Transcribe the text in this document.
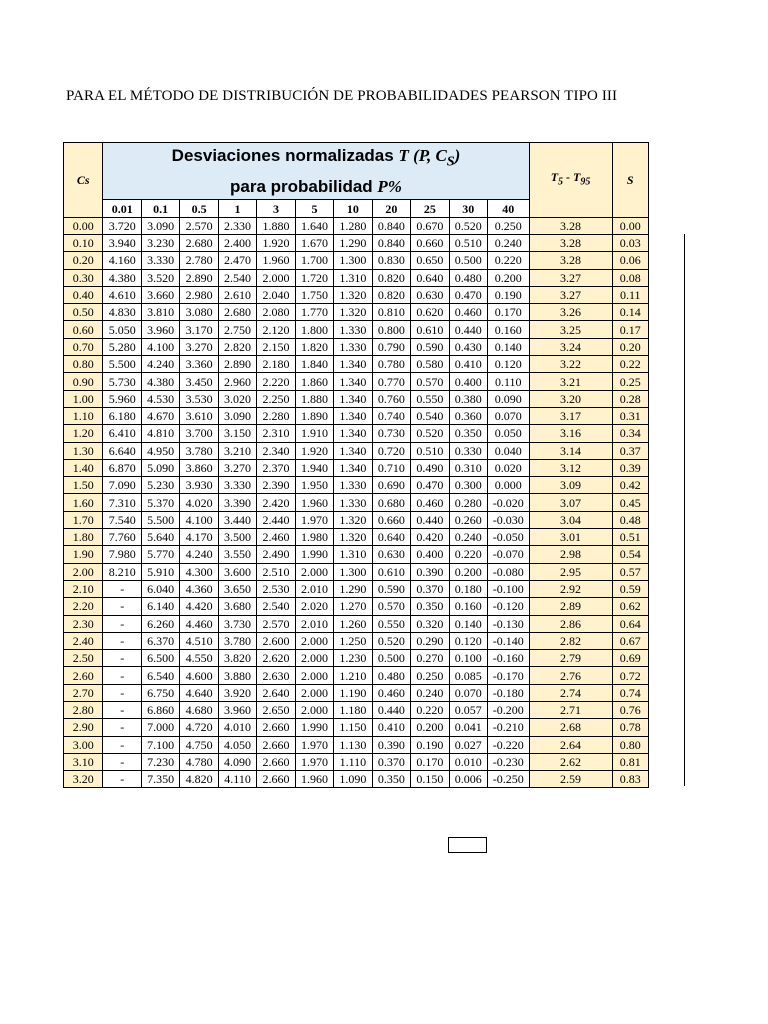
PARA EL MÉTODO DE DISTRIBUCIÓN DE PROBABILIDADES PEARSON TIPO III
Cs	Desviaciones normalizadas T (P, $C_S$)
para probabilidad P%											$T_5 - T_{95}$	S
	0.01	0.1	0.5	1	3	5	10	20	25	30	40		
0.00	3.720	3.090	2.570	2.330	1.880	1.640	1.280	0.840	0.670	0.520	0.250	3.28	0.00
0.10	3.940	3.230	2.680	2.400	1.920	1.670	1.290	0.840	0.660	0.510	0.240	3.28	0.03
0.20	4.160	3.330	2.780	2.470	1.960	1.700	1.300	0.830	0.650	0.500	0.220	3.28	0.06
0.30	4.380	3.520	2.890	2.540	2.000	1.720	1.310	0.820	0.640	0.480	0.200	3.27	0.08
0.40	4.610	3.660	2.980	2.610	2.040	1.750	1.320	0.820	0.630	0.470	0.190	3.27	0.11
0.50	4.830	3.810	3.080	2.680	2.080	1.770	1.320	0.810	0.620	0.460	0.170	3.26	0.14
0.60	5.050	3.960	3.170	2.750	2.120	1.800	1.330	0.800	0.610	0.440	0.160	3.25	0.17
0.70	5.280	4.100	3.270	2.820	2.150	1.820	1.330	0.790	0.590	0.430	0.140	3.24	0.20
0.80	5.500	4.240	3.360	2.890	2.180	1.840	1.340	0.780	0.580	0.410	0.120	3.22	0.22
0.90	5.730	4.380	3.450	2.960	2.220	1.860	1.340	0.770	0.570	0.400	0.110	3.21	0.25
1.00	5.960	4.530	3.530	3.020	2.250	1.880	1.340	0.760	0.550	0.380	0.090	3.20	0.28
1.10	6.180	4.670	3.610	3.090	2.280	1.890	1.340	0.740	0.540	0.360	0.070	3.17	0.31
1.20	6.410	4.810	3.700	3.150	2.310	1.910	1.340	0.730	0.520	0.350	0.050	3.16	0.34
1.30	6.640	4.950	3.780	3.210	2.340	1.920	1.340	0.720	0.510	0.330	0.040	3.14	0.37
1.40	6.870	5.090	3.860	3.270	2.370	1.940	1.340	0.710	0.490	0.310	0.020	3.12	0.39
1.50	7.090	5.230	3.930	3.330	2.390	1.950	1.330	0.690	0.470	0.300	0.000	3.09	0.42
1.60	7.310	5.370	4.020	3.390	2.420	1.960	1.330	0.680	0.460	0.280	-0.020	3.07	0.45
1.70	7.540	5.500	4.100	3.440	2.440	1.970	1.320	0.660	0.440	0.260	-0.030	3.04	0.48
1.80	7.760	5.640	4.170	3.500	2.460	1.980	1.320	0.640	0.420	0.240	-0.050	3.01	0.51
1.90	7.980	5.770	4.240	3.550	2.490	1.990	1.310	0.630	0.400	0.220	-0.070	2.98	0.54
2.00	8.210	5.910	4.300	3.600	2.510	2.000	1.300	0.610	0.390	0.200	-0.080	2.95	0.57
2.10	-	6.040	4.360	3.650	2.530	2.010	1.290	0.590	0.370	0.180	-0.100	2.92	0.59
2.20	-	6.140	4.420	3.680	2.540	2.020	1.270	0.570	0.350	0.160	-0.120	2.89	0.62
2.30	-	6.260	4.460	3.730	2.570	2.010	1.260	0.550	0.320	0.140	-0.130	2.86	0.64
2.40	-	6.370	4.510	3.780	2.600	2.000	1.250	0.520	0.290	0.120	-0.140	2.82	0.67
2.50	-	6.500	4.550	3.820	2.620	2.000	1.230	0.500	0.270	0.100	-0.160	2.79	0.69
2.60	-	6.540	4.600	3.880	2.630	2.000	1.210	0.480	0.250	0.085	-0.170	2.76	0.72
2.70	-	6.750	4.640	3.920	2.640	2.000	1.190	0.460	0.240	0.070	-0.180	2.74	0.74
2.80	-	6.860	4.680	3.960	2.650	2.000	1.180	0.440	0.220	0.057	-0.200	2.71	0.76
2.90	-	7.000	4.720	4.010	2.660	1.990	1.150	0.410	0.200	0.041	-0.210	2.68	0.78
3.00	-	7.100	4.750	4.050	2.660	1.970	1.130	0.390	0.190	0.027	-0.220	2.64	0.80
3.10	-	7.230	4.780	4.090	2.660	1.970	1.110	0.370	0.170	0.010	-0.230	2.62	0.81
3.20	-	7.350	4.820	4.110	2.660	1.960	1.090	0.350	0.150	0.006	-0.250	2.59	0.83
